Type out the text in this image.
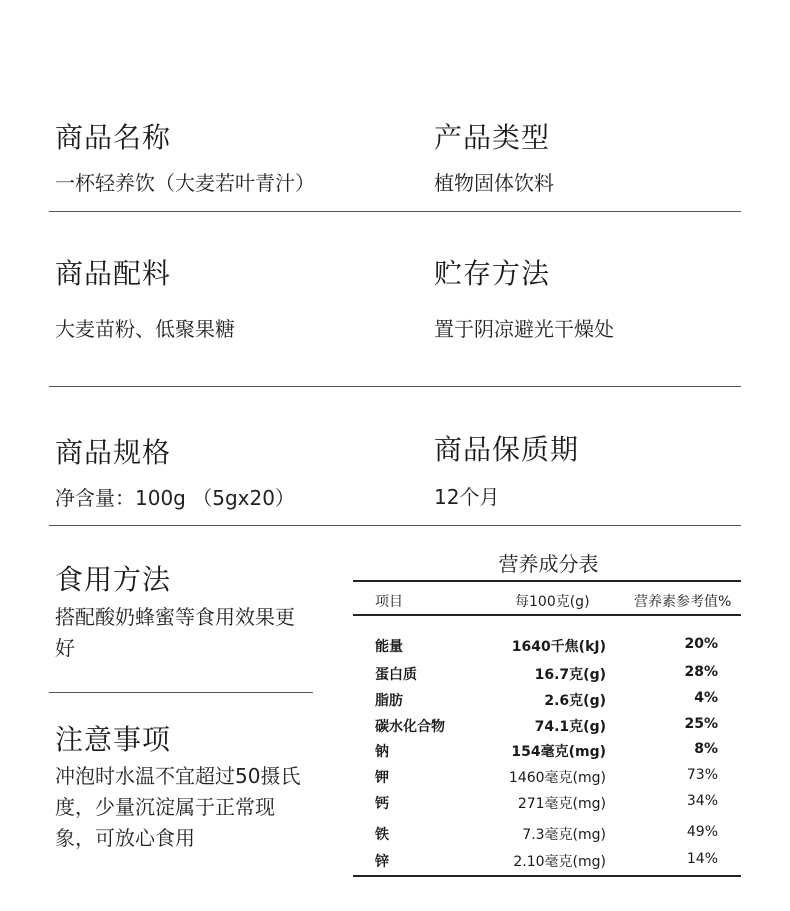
商品名称
一杯轻养饮（大麦若叶青汁）
产品类型
植物固体饮料
商品配料
大麦苗粉、低聚果糖
贮存方法
置于阴凉避光干燥处
商品规格
净含量：100g （5gx20）
商品保质期
12个月
食用方法
搭配酸奶蜂蜜等食用效果更好
注意事项
冲泡时水温不宜超过50摄氏度，少量沉淀属于正常现象，可放心食用
营养成分表
项目	每100克(g)	营养素参考值%
能量	1640千焦(kJ)	20%
蛋白质	16.7克(g)	28%
脂肪	2.6克(g)	4%
碳水化合物	74.1克(g)	25%
钠	154毫克(mg)	8%
钾	1460毫克(mg)	73%
钙	271毫克(mg)	34%
铁	7.3毫克(mg)	49%
锌	2.10毫克(mg)	14%
